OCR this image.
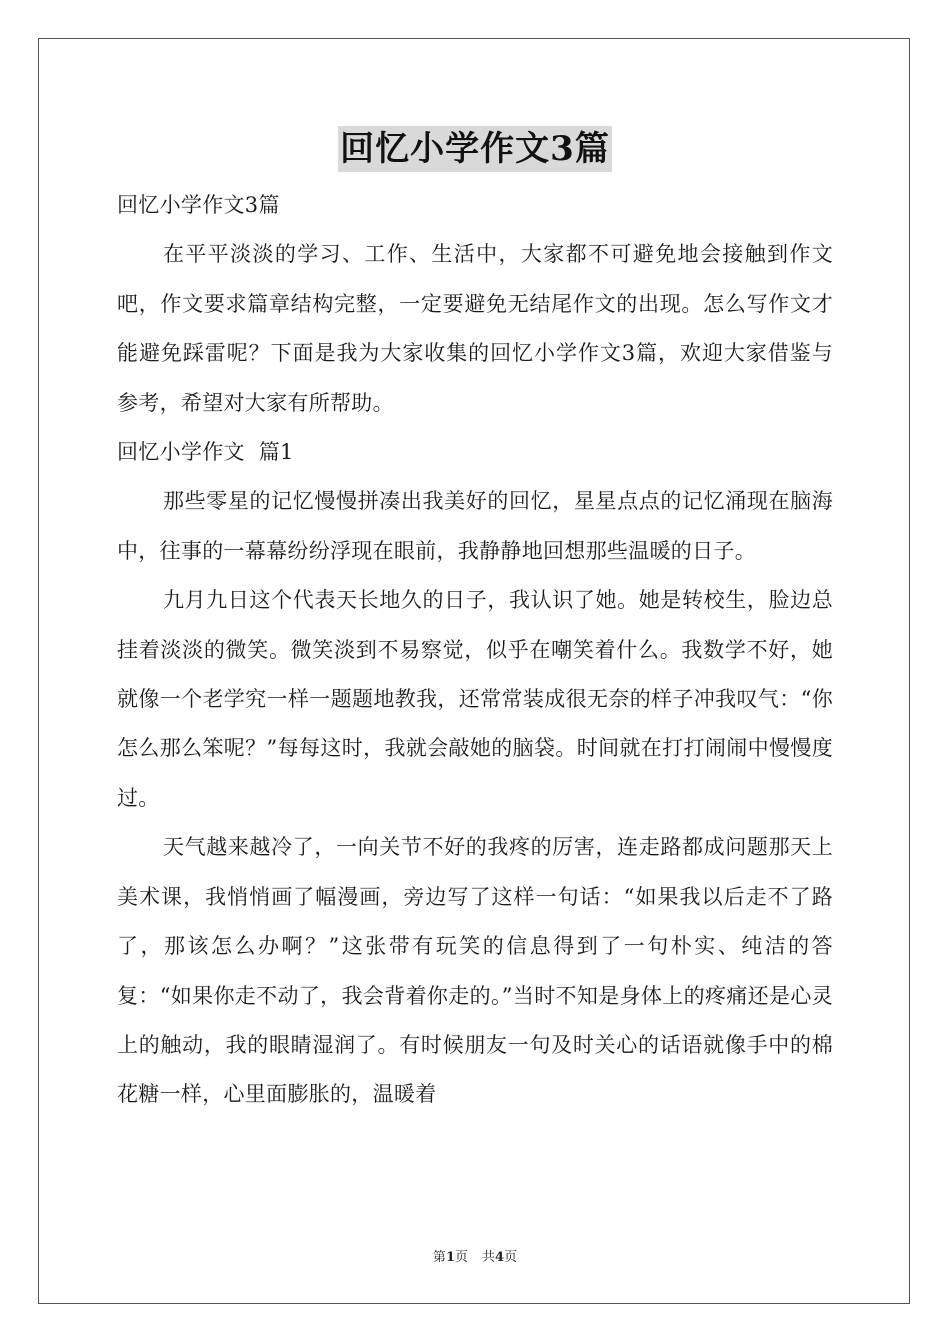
回忆小学作文3篇

回忆小学作文3篇

在平平淡淡的学习、工作、生活中，大家都不可避免地会接触到作文吧，作文要求篇章结构完整，一定要避免无结尾作文的出现。怎么写作文才能避免踩雷呢？下面是我为大家收集的回忆小学作文3篇，欢迎大家借鉴与参考，希望对大家有所帮助。

回忆小学作文  篇1

那些零星的记忆慢慢拼凑出我美好的回忆，星星点点的记忆涌现在脑海中，往事的一幕幕纷纷浮现在眼前，我静静地回想那些温暖的日子。

九月九日这个代表天长地久的日子，我认识了她。她是转校生，脸边总挂着淡淡的微笑。微笑淡到不易察觉，似乎在嘲笑着什么。我数学不好，她就像一个老学究一样一题题地教我，还常常装成很无奈的样子冲我叹气：“你怎么那么笨呢？”每每这时，我就会敲她的脑袋。时间就在打打闹闹中慢慢度过。

天气越来越冷了，一向关节不好的我疼的厉害，连走路都成问题那天上美术课，我悄悄画了幅漫画，旁边写了这样一句话：“如果我以后走不了路了，那该怎么办啊？”这张带有玩笑的信息得到了一句朴实、纯洁的答复：“如果你走不动了，我会背着你走的。”当时不知是身体上的疼痛还是心灵上的触动，我的眼睛湿润了。有时候朋友一句及时关心的话语就像手中的棉花糖一样，心里面膨胀的，温暖着

第1页 共4页
